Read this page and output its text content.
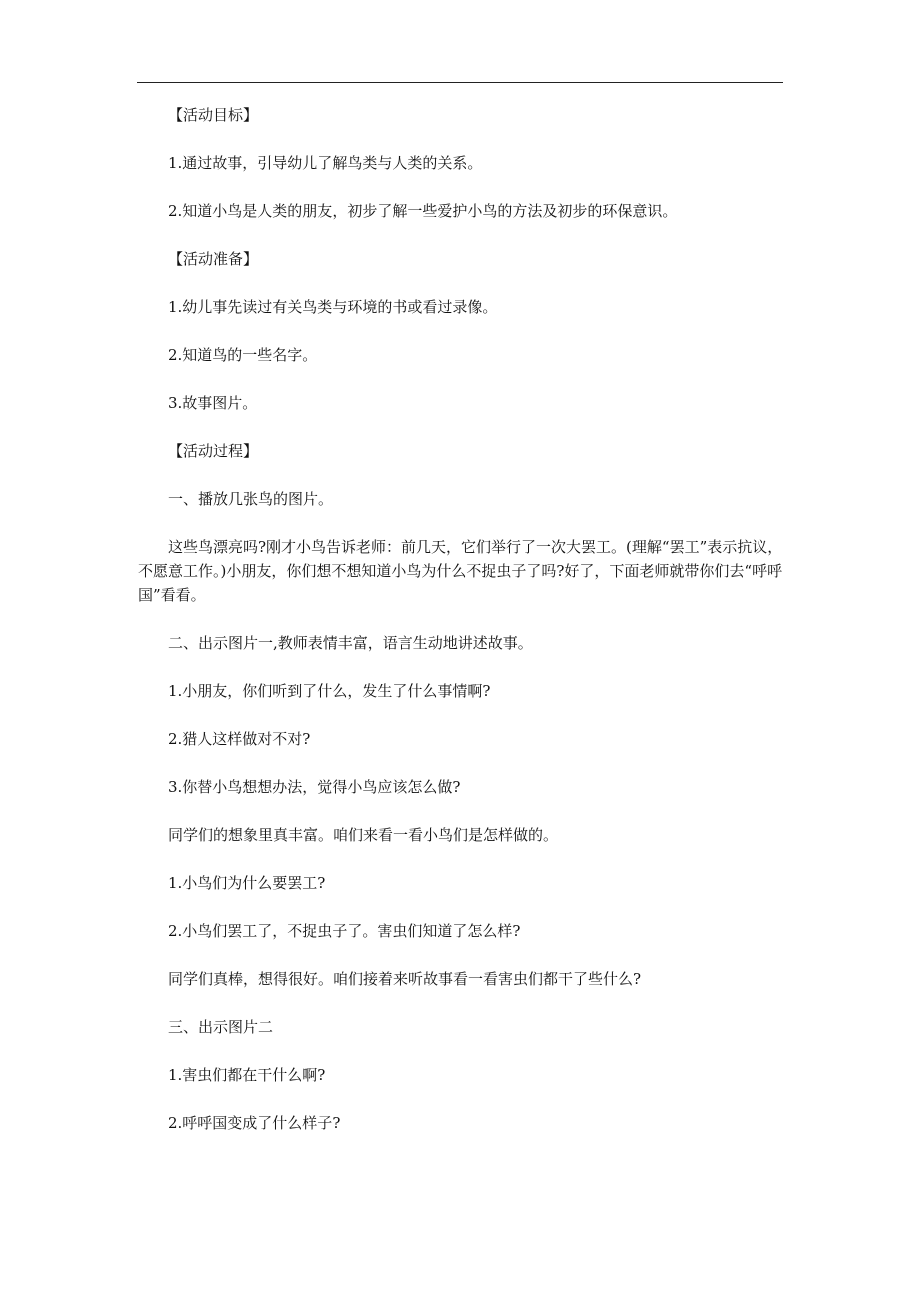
【活动目标】

1.通过故事，引导幼儿了解鸟类与人类的关系。

2.知道小鸟是人类的朋友，初步了解一些爱护小鸟的方法及初步的环保意识。

【活动准备】

1.幼儿事先读过有关鸟类与环境的书或看过录像。

2.知道鸟的一些名字。

3.故事图片。

【活动过程】

一、播放几张鸟的图片。

这些鸟漂亮吗?刚才小鸟告诉老师：前几天，它们举行了一次大罢工。(理解“罢工”表示抗议，不愿意工作。)小朋友，你们想不想知道小鸟为什么不捉虫子了吗?好了，下面老师就带你们去“呼呼国”看看。

二、出示图片一,教师表情丰富，语言生动地讲述故事。

1.小朋友，你们听到了什么，发生了什么事情啊?

2.猎人这样做对不对?

3.你替小鸟想想办法，觉得小鸟应该怎么做?

同学们的想象里真丰富。咱们来看一看小鸟们是怎样做的。

1.小鸟们为什么要罢工?

2.小鸟们罢工了，不捉虫子了。害虫们知道了怎么样?

同学们真棒，想得很好。咱们接着来听故事看一看害虫们都干了些什么?

三、出示图片二

1.害虫们都在干什么啊?

2.呼呼国变成了什么样子?
